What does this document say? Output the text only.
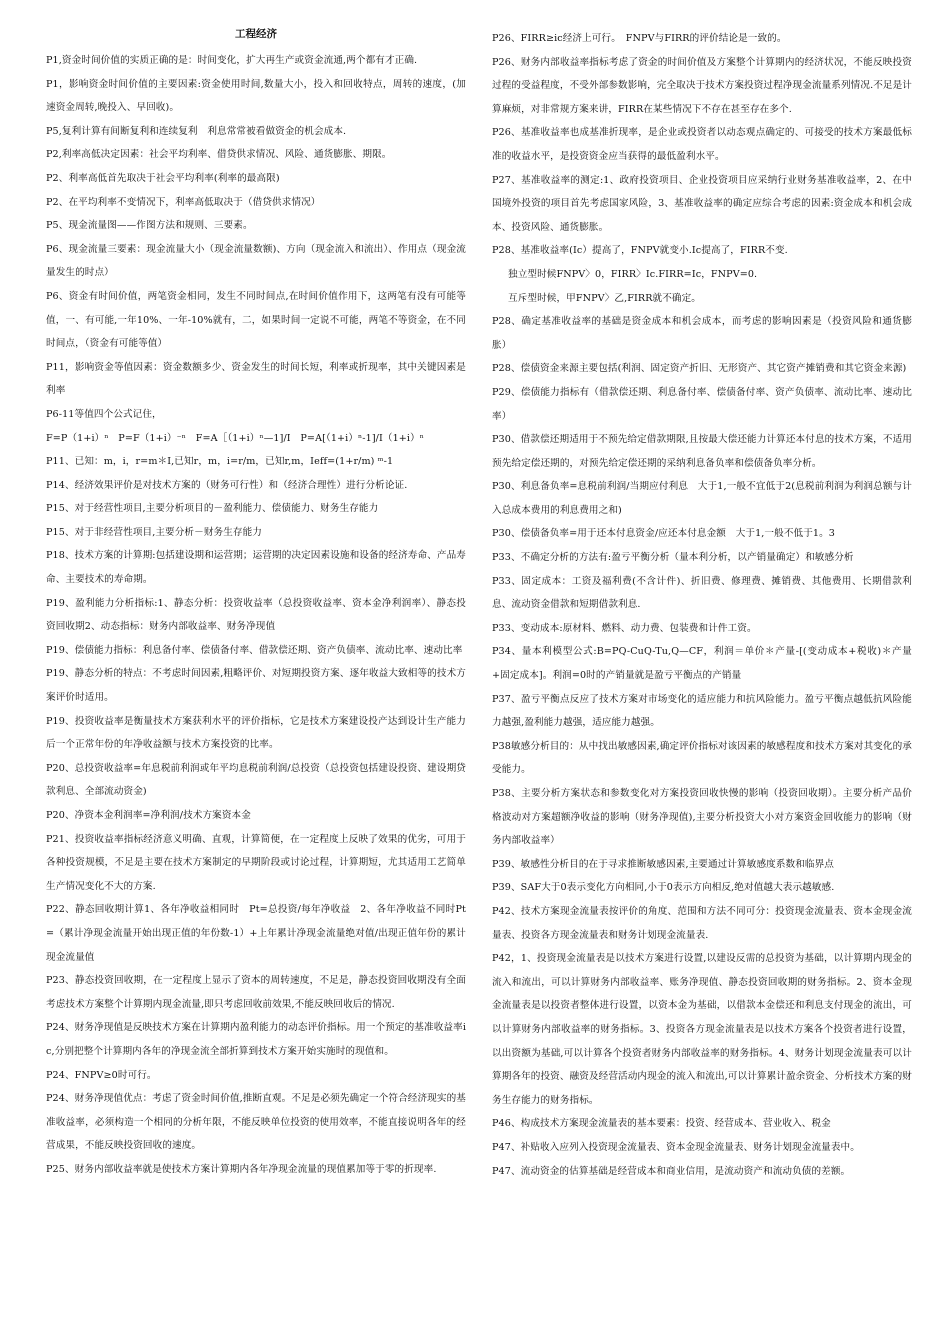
工程经济

P1,资金时间价值的实质正确的是：时间变化，扩大再生产或资金流通,两个都有才正确.

P1，影响资金时间价值的主要因素:资金使用时间,数量大小，投入和回收特点，周转的速度，(加速资金周转,晚投入、早回收)。

P5,复利计算有间断复利和连续复利　利息常常被看做资金的机会成本.

P2,利率高低决定因素：社会平均利率、借贷供求情况、风险、通货膨胀、期限。

P2、利率高低首先取决于社会平均利率(利率的最高限)

P2、在平均利率不变情况下，利率高低取决于（借贷供求情况）

P5、现金流量图——作图方法和规则、三要素。

P6、现金流量三要素：现金流量大小（现金流量数额)、方向（现金流入和流出）、作用点（现金流量发生的时点）

P6、资金有时间价值，两笔资金相同，发生不同时间点,在时间价值作用下，这两笔有没有可能等值，一、有可能,一年10%、一年-10%就有，二，如果时间一定说不可能，两笔不等资金，在不同时间点，（资金有可能等值）

P11，影响资金等值因素：资金数额多少、资金发生的时间长短，利率或折现率，其中关键因素是利率

P6-11等值四个公式记住，

F=P（1+i）ⁿ　P=F（1+i）⁻ⁿ　F=A［（1+i）ⁿ—1]/I　P=A[（1+i）ⁿ-1]/I（1+i）ⁿ

P11、已知：m，i，r=m＊I,已知r，m，i=r/m，已知r,m，Ieff=(1+r/m) ᵐ-1

P14、经济效果评价是对技术方案的（财务可行性）和（经济合理性）进行分析论证.

P15、对于经营性项目,主要分析项目的－盈利能力、偿债能力、财务生存能力

P15、对于非经营性项目,主要分析－财务生存能力

P18、技术方案的计算期:包括建设期和运营期；运营期的决定因素设施和设备的经济寿命、产品寿命、主要技术的寿命期。

P19、盈利能力分析指标:1、静态分析：投资收益率（总投资收益率、资本金净利润率）、静态投资回收期2、动态指标：财务内部收益率、财务净现值

P19、偿债能力指标：利息备付率、偿债备付率、借款偿还期、资产负债率、流动比率、速动比率

P19、静态分析的特点：不考虑时间因素,粗略评价、对短期投资方案、逐年收益大致相等的技术方案评价时适用。

P19、投资收益率是衡量技术方案获利水平的评价指标，它是技术方案建设投产达到设计生产能力后一个正常年份的年净收益额与技术方案投资的比率。

P20、总投资收益率=年息税前利润或年平均息税前利润/总投资（总投资包括建设投资、建设期贷款利息、全部流动资金)

P20、净资本金利润率=净利润/技术方案资本金

P21、投资收益率指标经济意义明确、直观，计算简便，在一定程度上反映了效果的优劣，可用于各种投资规模，不足是主要在技术方案制定的早期阶段或讨论过程，计算期短，尤其适用工艺简单生产情况变化不大的方案.

P22、静态回收期计算1、各年净收益相同时　Pt=总投资/每年净收益　2、各年净收益不同时Pt=（累计净现金流量开始出现正值的年份数-1）+上年累计净现金流量绝对值/出现正值年份的累计现金流量值

P23、静态投资回收期，在一定程度上显示了资本的周转速度，不足是，静态投资回收期没有全面考虑技术方案整个计算期内现金流量,即只考虑回收前效果,不能反映回收后的情况.

P24、财务净现值是反映技术方案在计算期内盈利能力的动态评价指标。用一个预定的基准收益率ic,分别把整个计算期内各年的净现金流全部折算到技术方案开始实施时的现值和。

P24、FNPV≥0时可行。

P24、财务净现值优点：考虑了资金时间价值,推断直观。不足是必须先确定一个符合经济现实的基准收益率，必须构造一个相同的分析年限，不能反映单位投资的使用效率，不能直接说明各年的经营成果，不能反映投资回收的速度。

P25、财务内部收益率就是使技术方案计算期内各年净现金流量的现值累加等于零的折现率.

P26、FIRR≥ic经济上可行。　FNPV与FIRR的评价结论是一致的。

P26、财务内部收益率指标考虑了资金的时间价值及方案整个计算期内的经济状况，不能反映投资过程的受益程度，不受外部参数影响，完全取决于技术方案投资过程净现金流量系列情况.不足是计算麻烦，对非常规方案来讲，FIRR在某些情况下不存在甚至存在多个.

P26、基准收益率也成基准折现率，是企业或投资者以动态观点确定的、可接受的技术方案最低标准的收益水平，是投资资金应当获得的最低盈利水平。

P27、基准收益率的测定:1、政府投资项目、企业投资项目应采纳行业财务基准收益率，2、在中国境外投资的项目首先考虑国家风险，3、基准收益率的确定应综合考虑的因素:资金成本和机会成本、投资风险、通货膨胀。

P28、基准收益率(Ic）提高了，FNPV就变小.Ic提高了，FIRR不变.

独立型时候FNPV〉0，FIRR〉Ic.FIRR=Ic，FNPV=0.

互斥型时候，甲FNPV〉乙,FIRR就不确定。

P28、确定基准收益率的基础是资金成本和机会成本，而考虑的影响因素是（投资风险和通货膨胀）

P28、偿债资金来源主要包括(利润、固定资产折旧、无形资产、其它资产摊销费和其它资金来源)

P29、偿债能力指标有（借款偿还期、利息备付率、偿债备付率、资产负债率、流动比率、速动比率）

P30、借款偿还期适用于不预先给定借款期限,且按最大偿还能力计算还本付息的技术方案，不适用预先给定偿还期的，对预先给定偿还期的采纳利息备负率和偿债备负率分析。

P30、利息备负率=息税前利润/当期应付利息　大于1,一般不宜低于2(息税前利润为利润总额与计入总成本费用的利息费用之和)

P30、偿债备负率=用于还本付息资金/应还本付息金额　大于1,一般不低于1。3

P33、不确定分析的方法有:盈亏平衡分析（量本利分析，以产销量确定）和敏感分析

P33、固定成本：工资及福利费(不含计件)、折旧费、修理费、摊销费、其他费用、长期借款利息、流动资金借款和短期借款利息.

P33、变动成本:原材料、燃料、动力费、包装费和计件工资。

P34、量本利模型公式:B=PQ-CuQ-Tu,Q—CF，利润＝单价＊产量-[(变动成本+税收)＊产量+固定成本]。利润=0时的产销量就是盈亏平衡点的产销量

P37、盈亏平衡点反应了技术方案对市场变化的适应能力和抗风险能力。盈亏平衡点越低抗风险能力越强,盈利能力越强，适应能力越强。

P38敏感分析目的：从中找出敏感因素,确定评价指标对该因素的敏感程度和技术方案对其变化的承受能力。

P38、主要分析方案状态和参数变化对方案投资回收快慢的影响（投资回收期）。主要分析产品价格波动对方案超额净收益的影响（财务净现值),主要分析投资大小对方案资金回收能力的影响（财务内部收益率）

P39、敏感性分析目的在于寻求推断敏感因素,主要通过计算敏感度系数和临界点

P39、SAF大于0表示变化方向相同,小于0表示方向相反,绝对值越大表示越敏感.

P42、技术方案现金流量表按评价的角度、范围和方法不同可分：投资现金流量表、资本金现金流量表、投资各方现金流量表和财务计划现金流量表.

P42，1、投资现金流量表是以技术方案进行设置,以建设反需的总投资为基础，以计算期内现金的流入和流出，可以计算财务内部收益率、账务净现值、静态投资回收期的财务指标。2、资本金现金流量表是以投资者整体进行设置，以资本金为基础，以借款本金偿还和利息支付现金的流出，可以计算财务内部收益率的财务指标。3、投资各方现金流量表是以技术方案各个投资者进行设置，以出资额为基础,可以计算各个投资者财务内部收益率的财务指标。4、财务计划现金流量表可以计算期各年的投资、融资及经营活动内现金的流入和流出,可以计算累计盈余资金、分析技术方案的财务生存能力的财务指标。

P46、构成技术方案现金流量表的基本要素：投资、经营成本、营业收入、税金

P47、补贴收入应列入投资现金流量表、资本金现金流量表、财务计划现金流量表中。

P47、流动资金的估算基础是经营成本和商业信用，是流动资产和流动负债的差额。
